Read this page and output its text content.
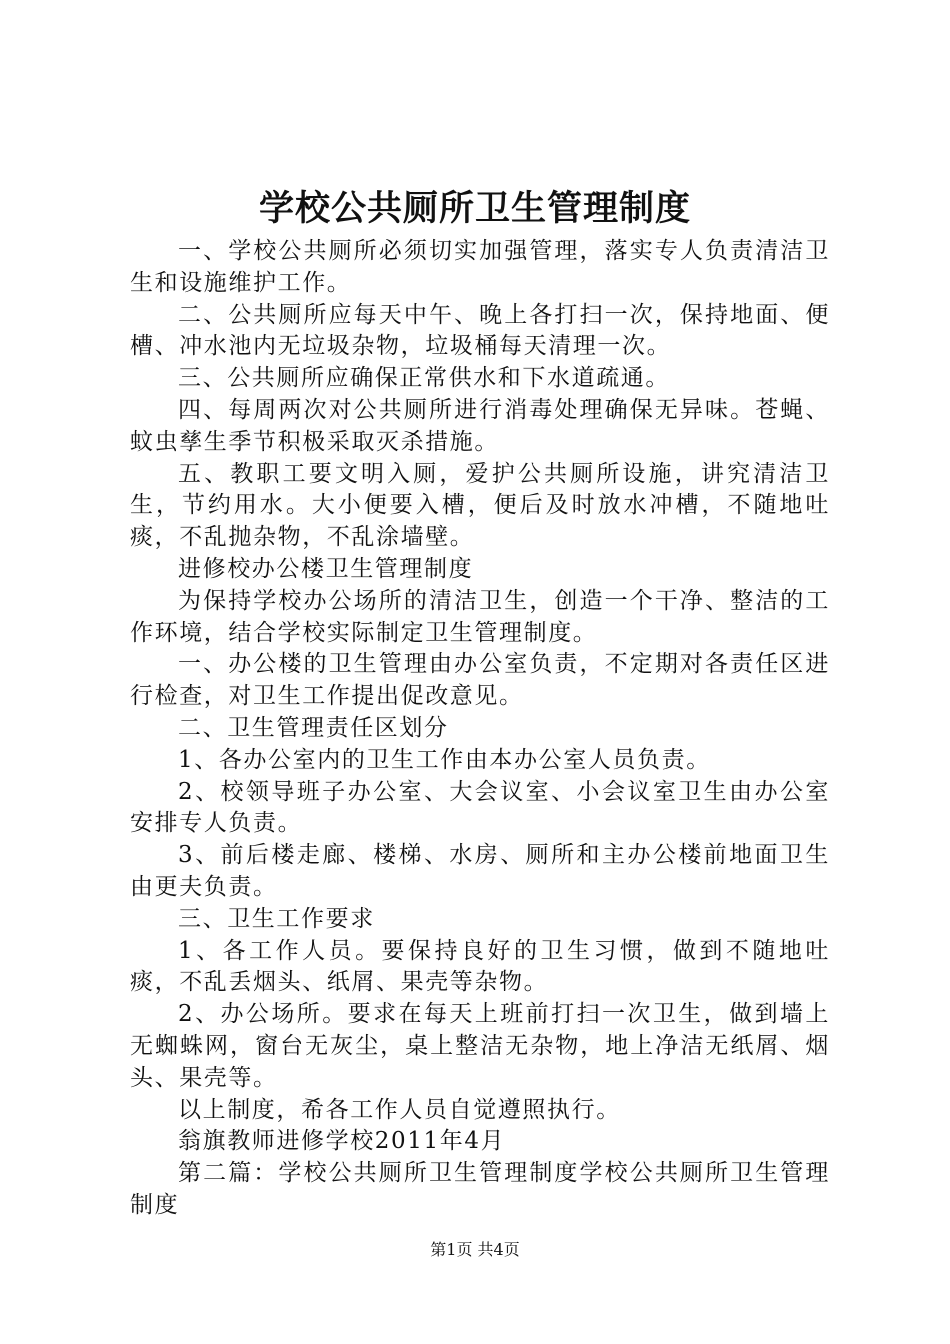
学校公共厕所卫生管理制度

一、学校公共厕所必须切实加强管理，落实专人负责清洁卫生和设施维护工作。

二、公共厕所应每天中午、晚上各打扫一次，保持地面、便槽、冲水池内无垃圾杂物，垃圾桶每天清理一次。

三、公共厕所应确保正常供水和下水道疏通。

四、每周两次对公共厕所进行消毒处理确保无异味。苍蝇、蚊虫孳生季节积极采取灭杀措施。

五、教职工要文明入厕，爱护公共厕所设施，讲究清洁卫生，节约用水。大小便要入槽，便后及时放水冲槽，不随地吐痰，不乱抛杂物，不乱涂墙壁。

进修校办公楼卫生管理制度

为保持学校办公场所的清洁卫生，创造一个干净、整洁的工作环境，结合学校实际制定卫生管理制度。

一、办公楼的卫生管理由办公室负责，不定期对各责任区进行检查，对卫生工作提出促改意见。

二、卫生管理责任区划分

1、各办公室内的卫生工作由本办公室人员负责。

2、校领导班子办公室、大会议室、小会议室卫生由办公室安排专人负责。

3、前后楼走廊、楼梯、水房、厕所和主办公楼前地面卫生由更夫负责。

三、卫生工作要求

1、各工作人员。要保持良好的卫生习惯，做到不随地吐痰，不乱丢烟头、纸屑、果壳等杂物。

2、办公场所。要求在每天上班前打扫一次卫生，做到墙上无蜘蛛网，窗台无灰尘，桌上整洁无杂物，地上净洁无纸屑、烟头、果壳等。

以上制度，希各工作人员自觉遵照执行。

翁旗教师进修学校2011年4月

第二篇：学校公共厕所卫生管理制度学校公共厕所卫生管理制度

第1页 共4页
